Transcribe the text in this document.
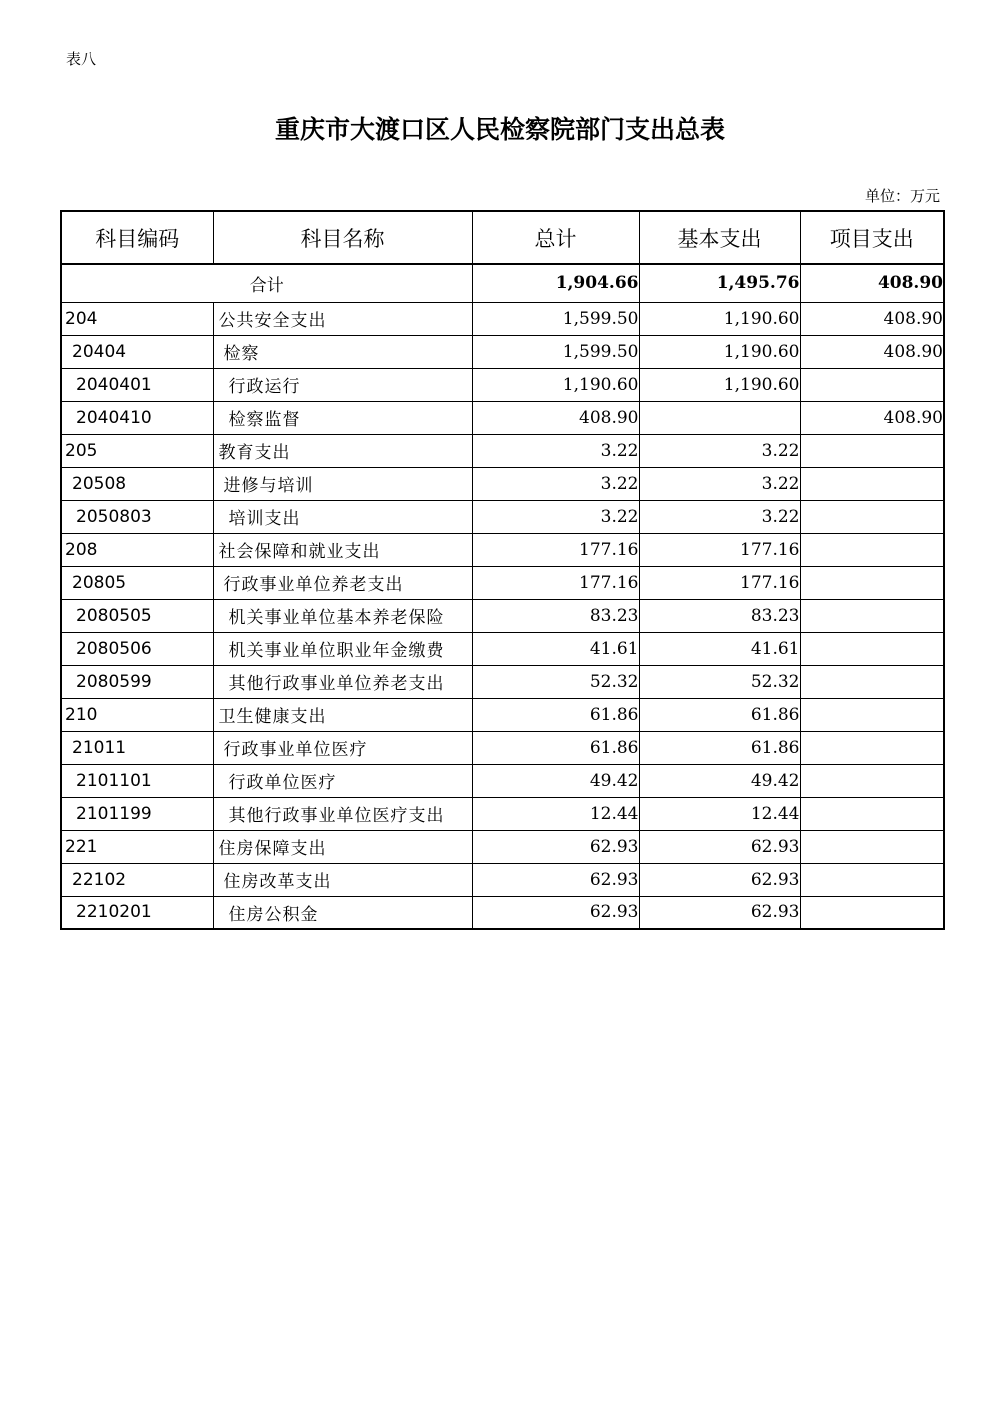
表八
重庆市大渡口区人民检察院部门支出总表
单位：万元
科目编码	科目名称	总计	基本支出	项目支出
合计		1,904.66	1,495.76	408.90
204	公共安全支出	1,599.50	1,190.60	408.90
20404	检察	1,599.50	1,190.60	408.90
2040401	行政运行	1,190.60	1,190.60	
2040410	检察监督	408.90		408.90
205	教育支出	3.22	3.22	
20508	进修与培训	3.22	3.22	
2050803	培训支出	3.22	3.22	
208	社会保障和就业支出	177.16	177.16	
20805	行政事业单位养老支出	177.16	177.16	
2080505	机关事业单位基本养老保险	83.23	83.23	
2080506	机关事业单位职业年金缴费	41.61	41.61	
2080599	其他行政事业单位养老支出	52.32	52.32	
210	卫生健康支出	61.86	61.86	
21011	行政事业单位医疗	61.86	61.86	
2101101	行政单位医疗	49.42	49.42	
2101199	其他行政事业单位医疗支出	12.44	12.44	
221	住房保障支出	62.93	62.93	
22102	住房改革支出	62.93	62.93	
2210201	住房公积金	62.93	62.93	
